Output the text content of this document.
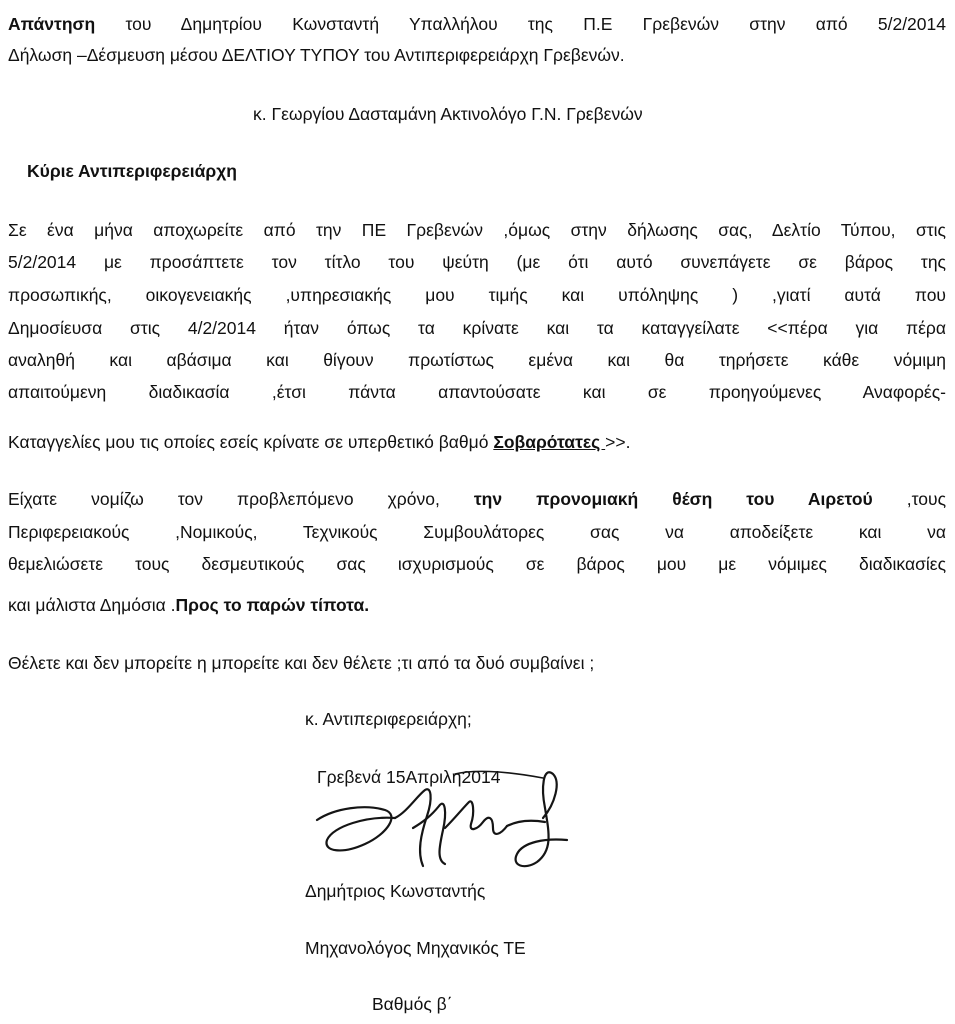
Απάντηση του Δημητρίου Κωνσταντή Υπαλλήλου της Π.Ε Γρεβενών στην από 5/2/2014
Δήλωση –Δέσμευση μέσου ΔΕΛΤΙΟΥ ΤΥΠΟΥ του Αντιπεριφερειάρχη Γρεβενών.
κ. Γεωργίου Δασταμάνη Ακτινολόγο Γ.Ν. Γρεβενών
Κύριε Αντιπεριφερειάρχη
Σε ένα μήνα αποχωρείτε από την ΠΕ Γρεβενών ,όμως στην δήλωσης σας, Δελτίο Τύπου, στις
5/2/2014 με προσάπτετε τον τίτλο του ψεύτη (με ότι αυτό συνεπάγετε σε βάρος της
προσωπικής, οικογενειακής ,υπηρεσιακής μου τιμής και υπόληψης ) ,γιατί αυτά που
Δημοσίευσα στις 4/2/2014 ήταν όπως τα κρίνατε και τα καταγγείλατε <<πέρα για πέρα
αναληθή και αβάσιμα και θίγουν πρωτίστως εμένα και θα τηρήσετε κάθε νόμιμη
απαιτούμενη διαδικασία ,έτσι πάντα απαντούσατε και σε προηγούμενες Αναφορές-
Καταγγελίες μου τις οποίες εσείς κρίνατε σε υπερθετικό βαθμό Σοβαρότατες >>.
Είχατε νομίζω τον προβλεπόμενο χρόνο, την προνομιακή θέση του Αιρετού ,τους
Περιφερειακούς ,Νομικούς, Τεχνικούς Συμβουλάτορες σας να αποδείξετε και να
θεμελιώσετε τους δεσμευτικούς σας ισχυρισμούς σε βάρος μου με νόμιμες διαδικασίες
και μάλιστα Δημόσια .Προς το παρών τίποτα.
Θέλετε και δεν μπορείτε η μπορείτε και δεν θέλετε ;τι από τα δυό συμβαίνει ;
κ. Αντιπεριφερειάρχη;
Γρεβενά 15Απριλη2014
Δημήτριος Κωνσταντής
Μηχανολόγος Μηχανικός ΤΕ
Βαθμός β΄
